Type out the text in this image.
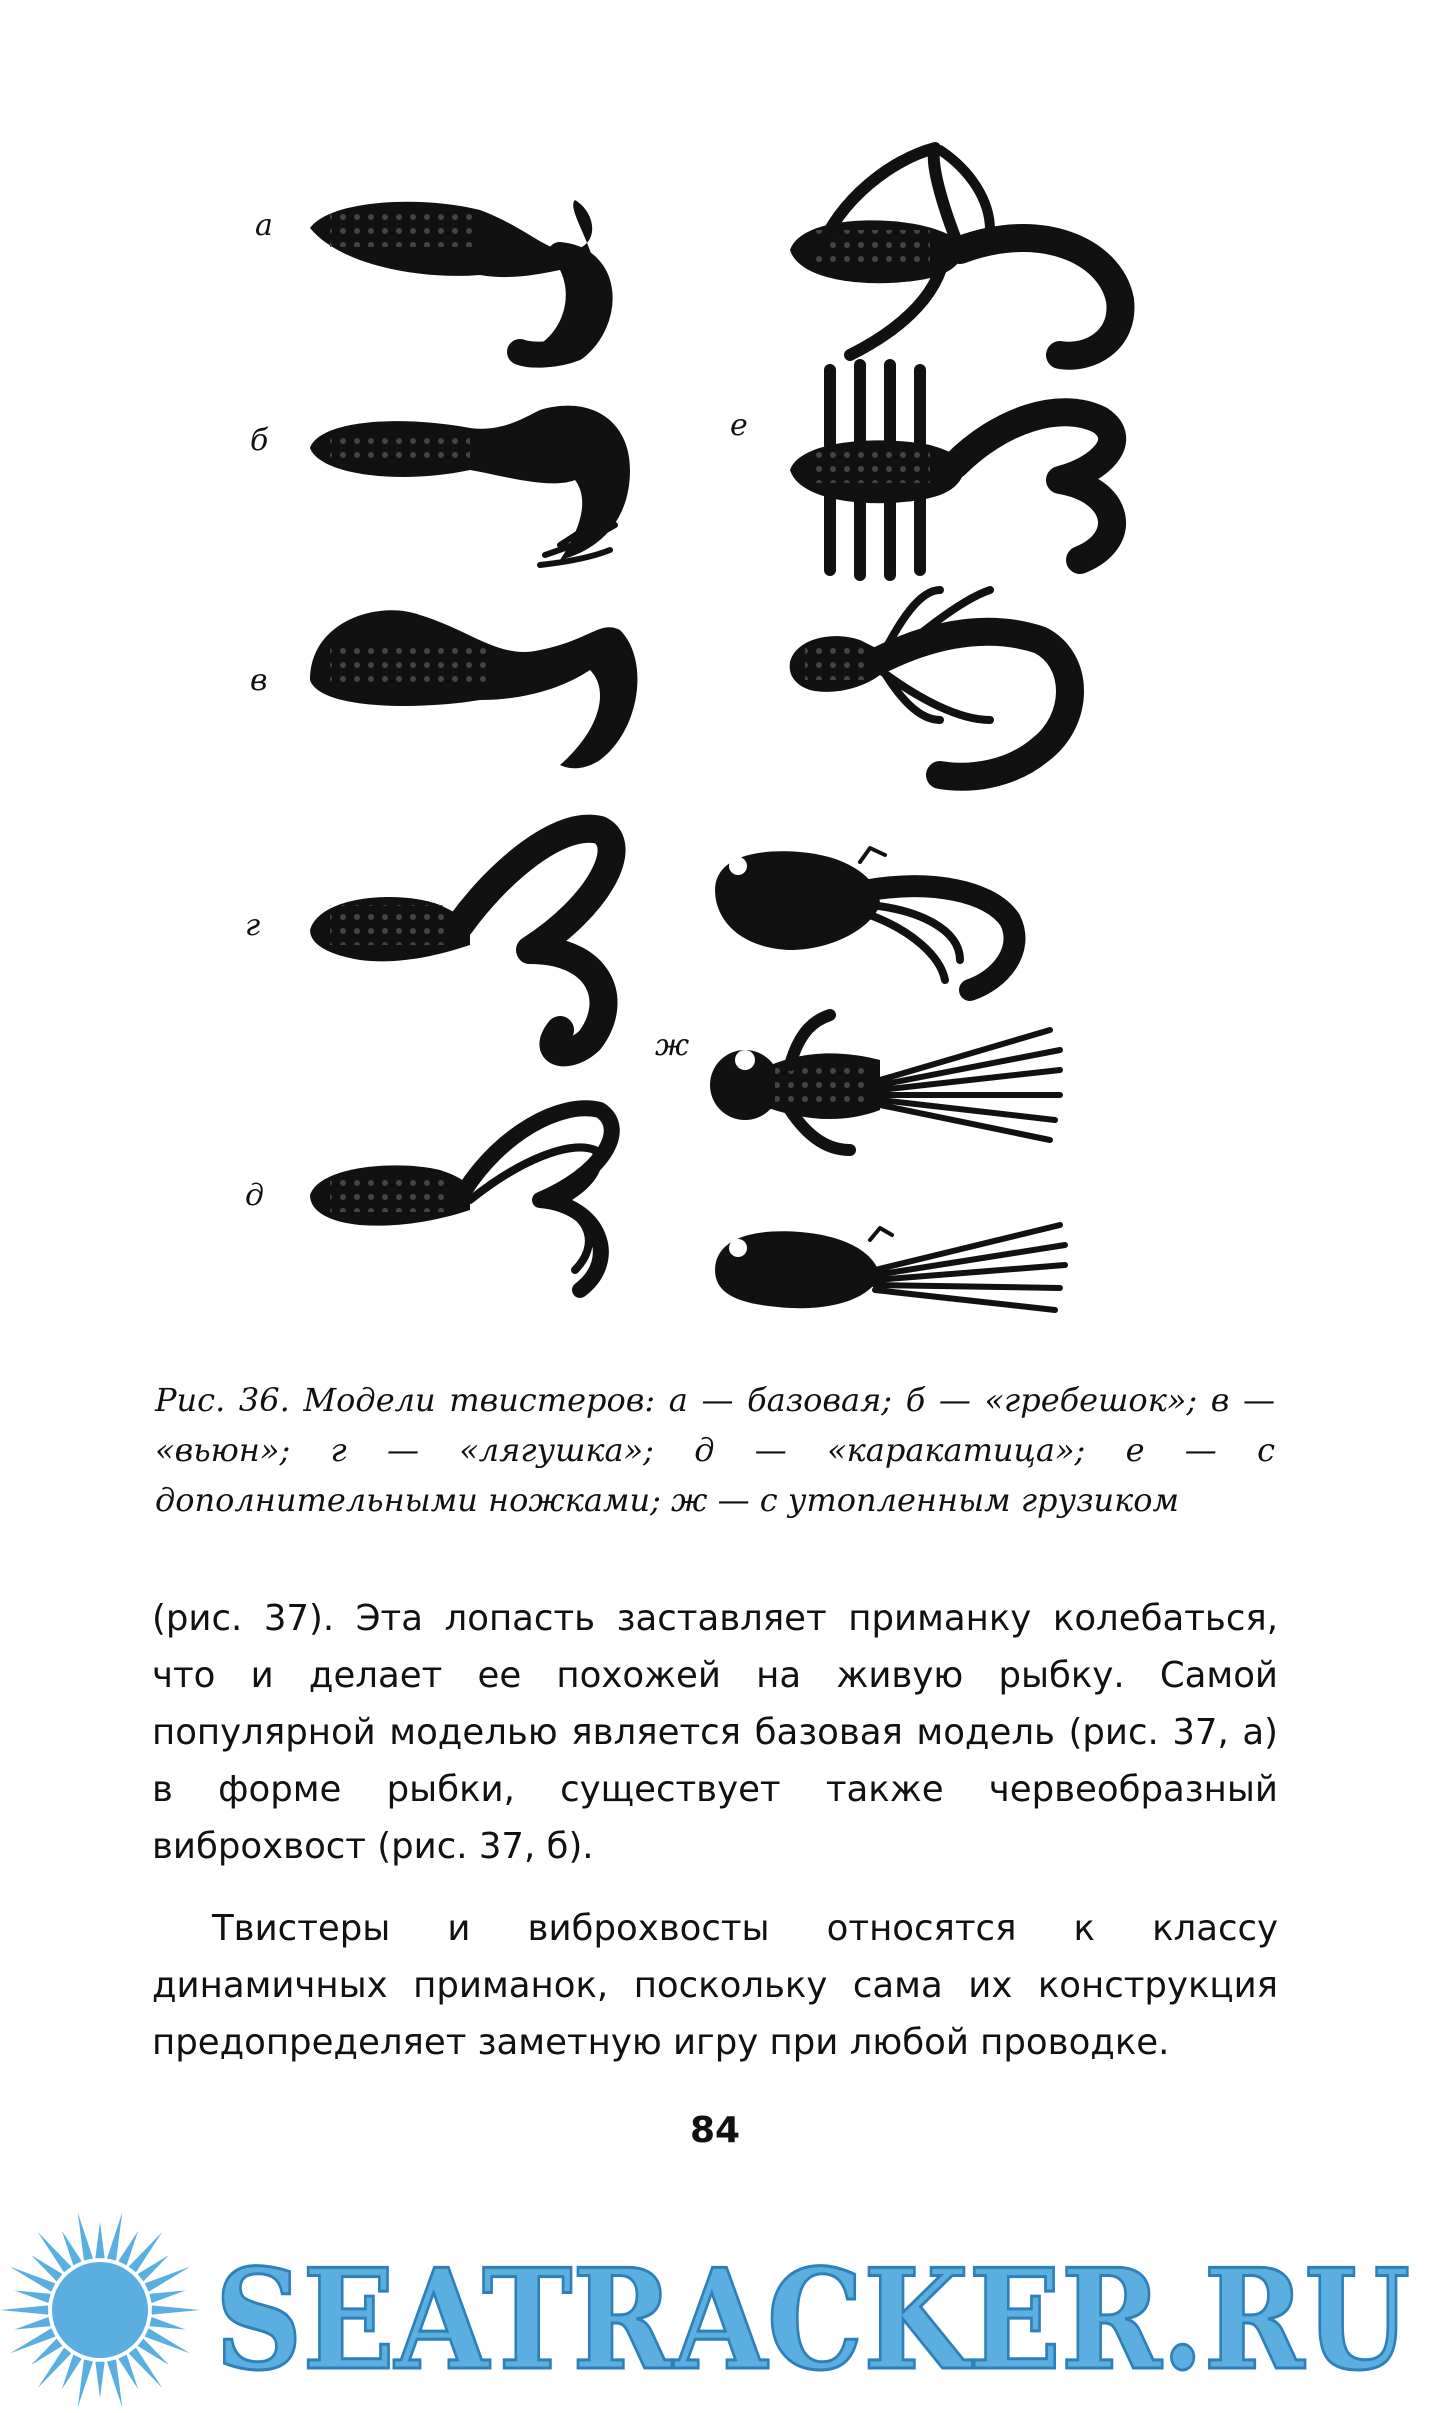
а
б
в
г
д
е
ж
Рис. 36. Модели твистеров: а — базовая; б — «гребешок»; в — «вьюн»; г — «лягушка»; д — «каракатица»; е — с дополнительными ножками; ж — с утопленным грузиком
(рис. 37). Эта лопасть заставляет приманку колебаться, что и делает ее похожей на живую рыбку. Самой популярной моделью является базовая модель (рис. 37, а) в форме рыбки, существует также червеобразный виброхвост (рис. 37, б).
Твистеры и виброхвосты относятся к классу динамичных приманок, поскольку сама их конструкция предопределяет заметную игру при любой проводке.
84
SEATRACKER.RU
